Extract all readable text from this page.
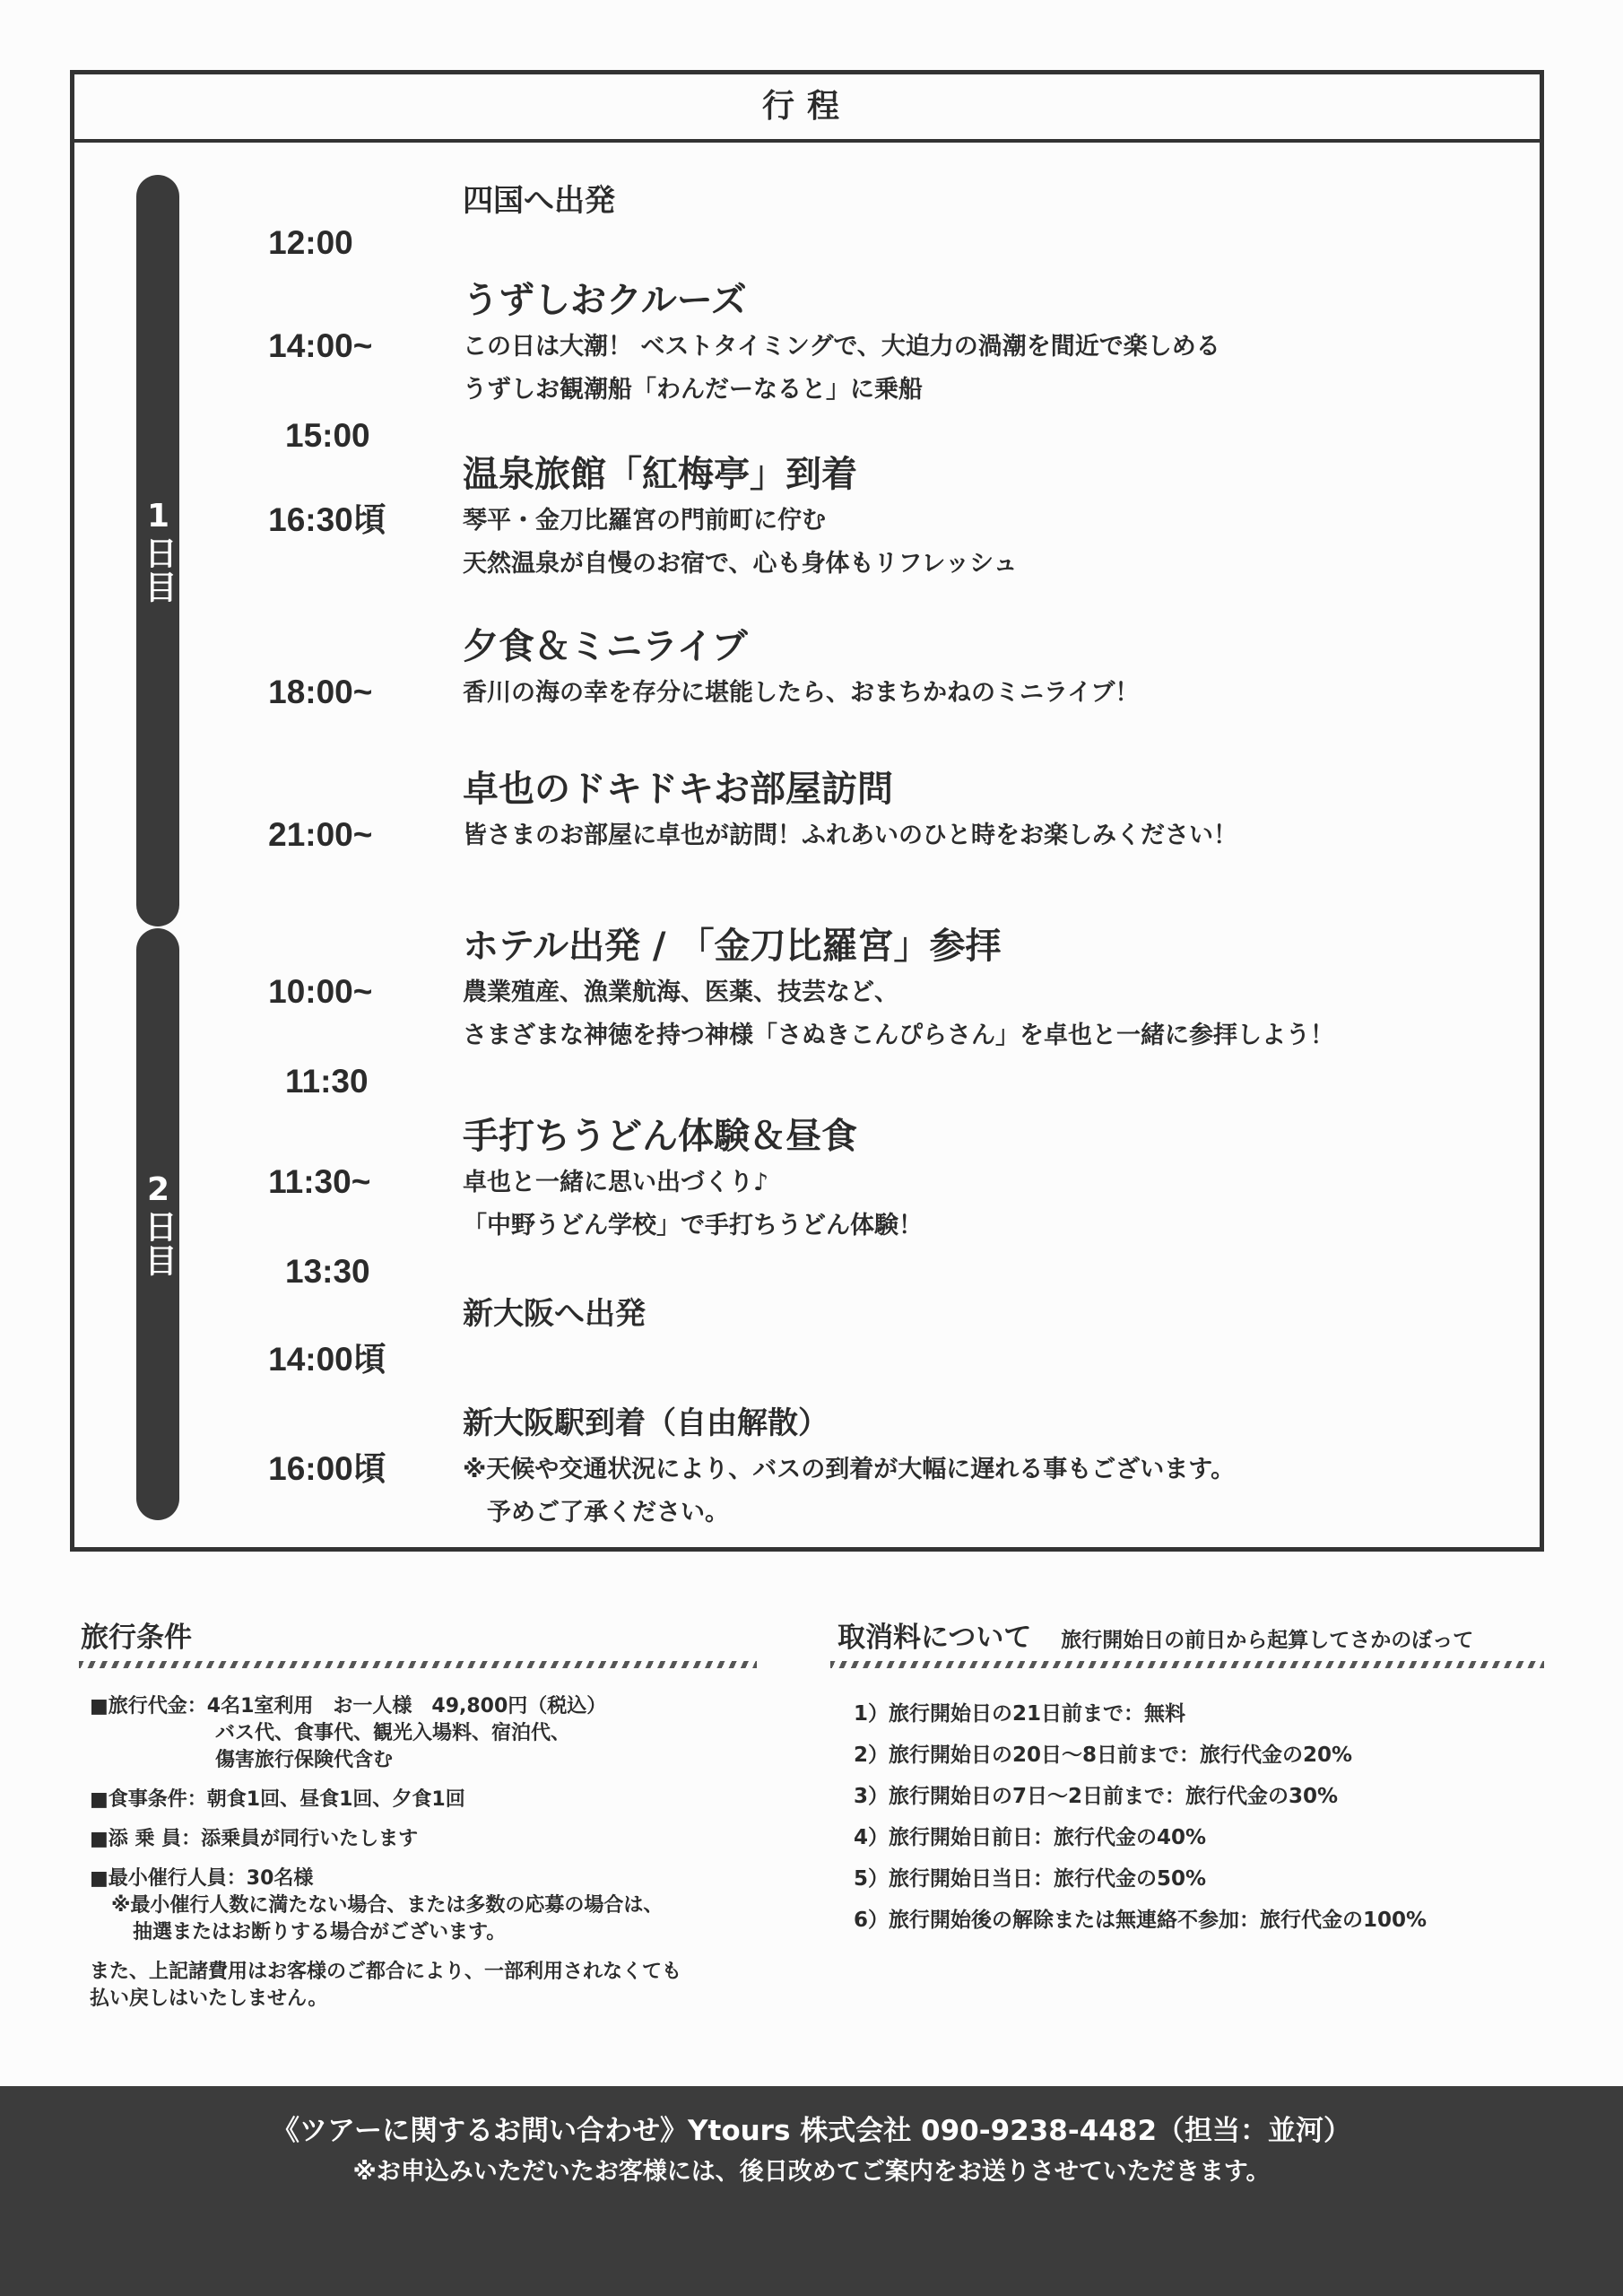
行程
1日目
2日目

12:00

四国へ出発

14:00~

15:00

うずしおクルーズ
この日は大潮！ ベストタイミングで、大迫力の渦潮を間近で楽しめる
うずしお観潮船「わんだーなると」に乗船

16:30頃

温泉旅館「紅梅亭」到着
琴平・金刀比羅宮の門前町に佇む
天然温泉が自慢のお宿で、心も身体もリフレッシュ

18:00~

夕食＆ミニライブ
香川の海の幸を存分に堪能したら、おまちかねのミニライブ！

21:00~

卓也のドキドキお部屋訪問
皆さまのお部屋に卓也が訪問！ふれあいのひと時をお楽しみください！

10:00~

11:30

ホテル出発 / 「金刀比羅宮」参拝
農業殖産、漁業航海、医薬、技芸など、
さまざまな神徳を持つ神様「さぬきこんぴらさん」を卓也と一緒に参拝しよう！

11:30~

13:30

手打ちうどん体験＆昼食
卓也と一緒に思い出づくり♪
「中野うどん学校」で手打ちうどん体験！

14:00頃

新大阪へ出発

16:00頃

新大阪駅到着（自由解散）
※天候や交通状況により、バスの到着が大幅に遅れる事もございます。
　予めご了承ください。
旅行条件
■旅行代金：4名1室利用　お一人様　49,800円（税込）
バス代、食事代、観光入場料、宿泊代、
傷害旅行保険代含む
■食事条件：朝食1回、昼食1回、夕食1回
■添 乗 員：添乗員が同行いたします
■最小催行人員：30名様
※最小催行人数に満たない場合、または多数の応募の場合は、
抽選またはお断りする場合がございます。
また、上記諸費用はお客様のご都合により、一部利用されなくても
払い戻しはいたしません。
取消料について 旅行開始日の前日から起算してさかのぼって
1）旅行開始日の21日前まで：無料
2）旅行開始日の20日～8日前まで：旅行代金の20%
3）旅行開始日の7日～2日前まで：旅行代金の30%
4）旅行開始日前日：旅行代金の40%
5）旅行開始日当日：旅行代金の50%
6）旅行開始後の解除または無連絡不参加：旅行代金の100%
《ツアーに関するお問い合わせ》Ytours 株式会社 090-9238-4482（担当：並河）
※お申込みいただいたお客様には、後日改めてご案内をお送りさせていただきます。
